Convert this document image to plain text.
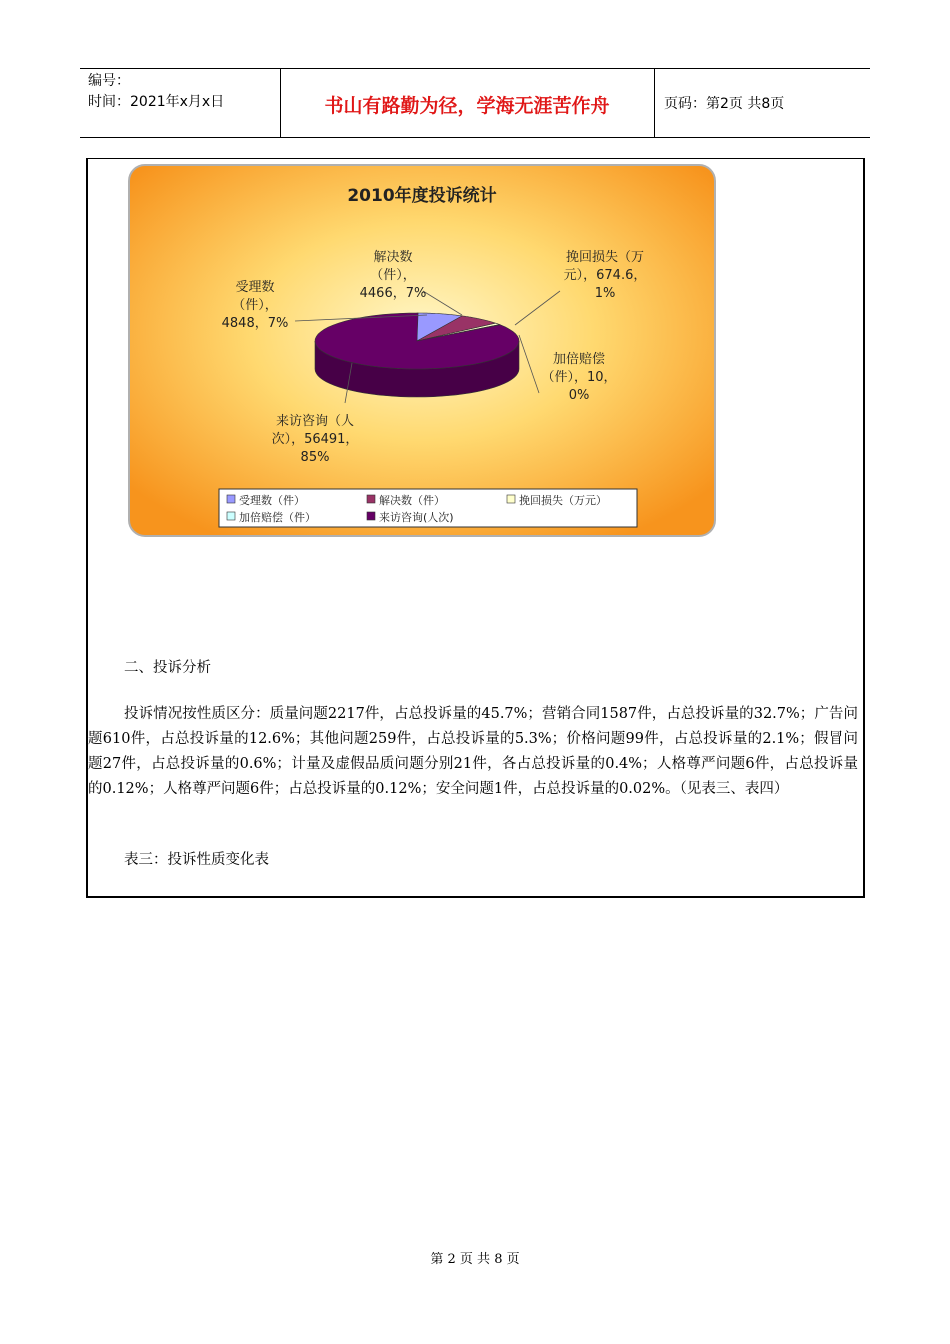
编号：
时间：2021年x月x日	书山有路勤为径，学海无涯苦作舟	页码：第2页 共8页
2010年度投诉统计
受理数
（件），
4848，7%
解决数
（件），
4466，7%
挽回损失（万
元），674.6，
1%
加倍赔偿
（件），10，
0%
来访咨询（人
次），56491，
85%
受理数（件）	解决数（件）	挽回损失（万元）
加倍赔偿（件）	来访咨询(人次)
二、投诉分析
投诉情况按性质区分：质量问题2217件，占总投诉量的45.7%；营销合同1587件，占总投诉量的32.7%；广告问题610件，占总投诉量的12.6%；其他问题259件，占总投诉量的5.3%；价格问题99件，占总投诉量的2.1%；假冒问题27件，占总投诉量的0.6%；计量及虚假品质问题分别21件，各占总投诉量的0.4%；人格尊严问题6件，占总投诉量的0.12%；人格尊严问题6件；占总投诉量的0.12%；安全问题1件，占总投诉量的0.02%。（见表三、表四）
表三：投诉性质变化表
第 2 页 共 8 页
